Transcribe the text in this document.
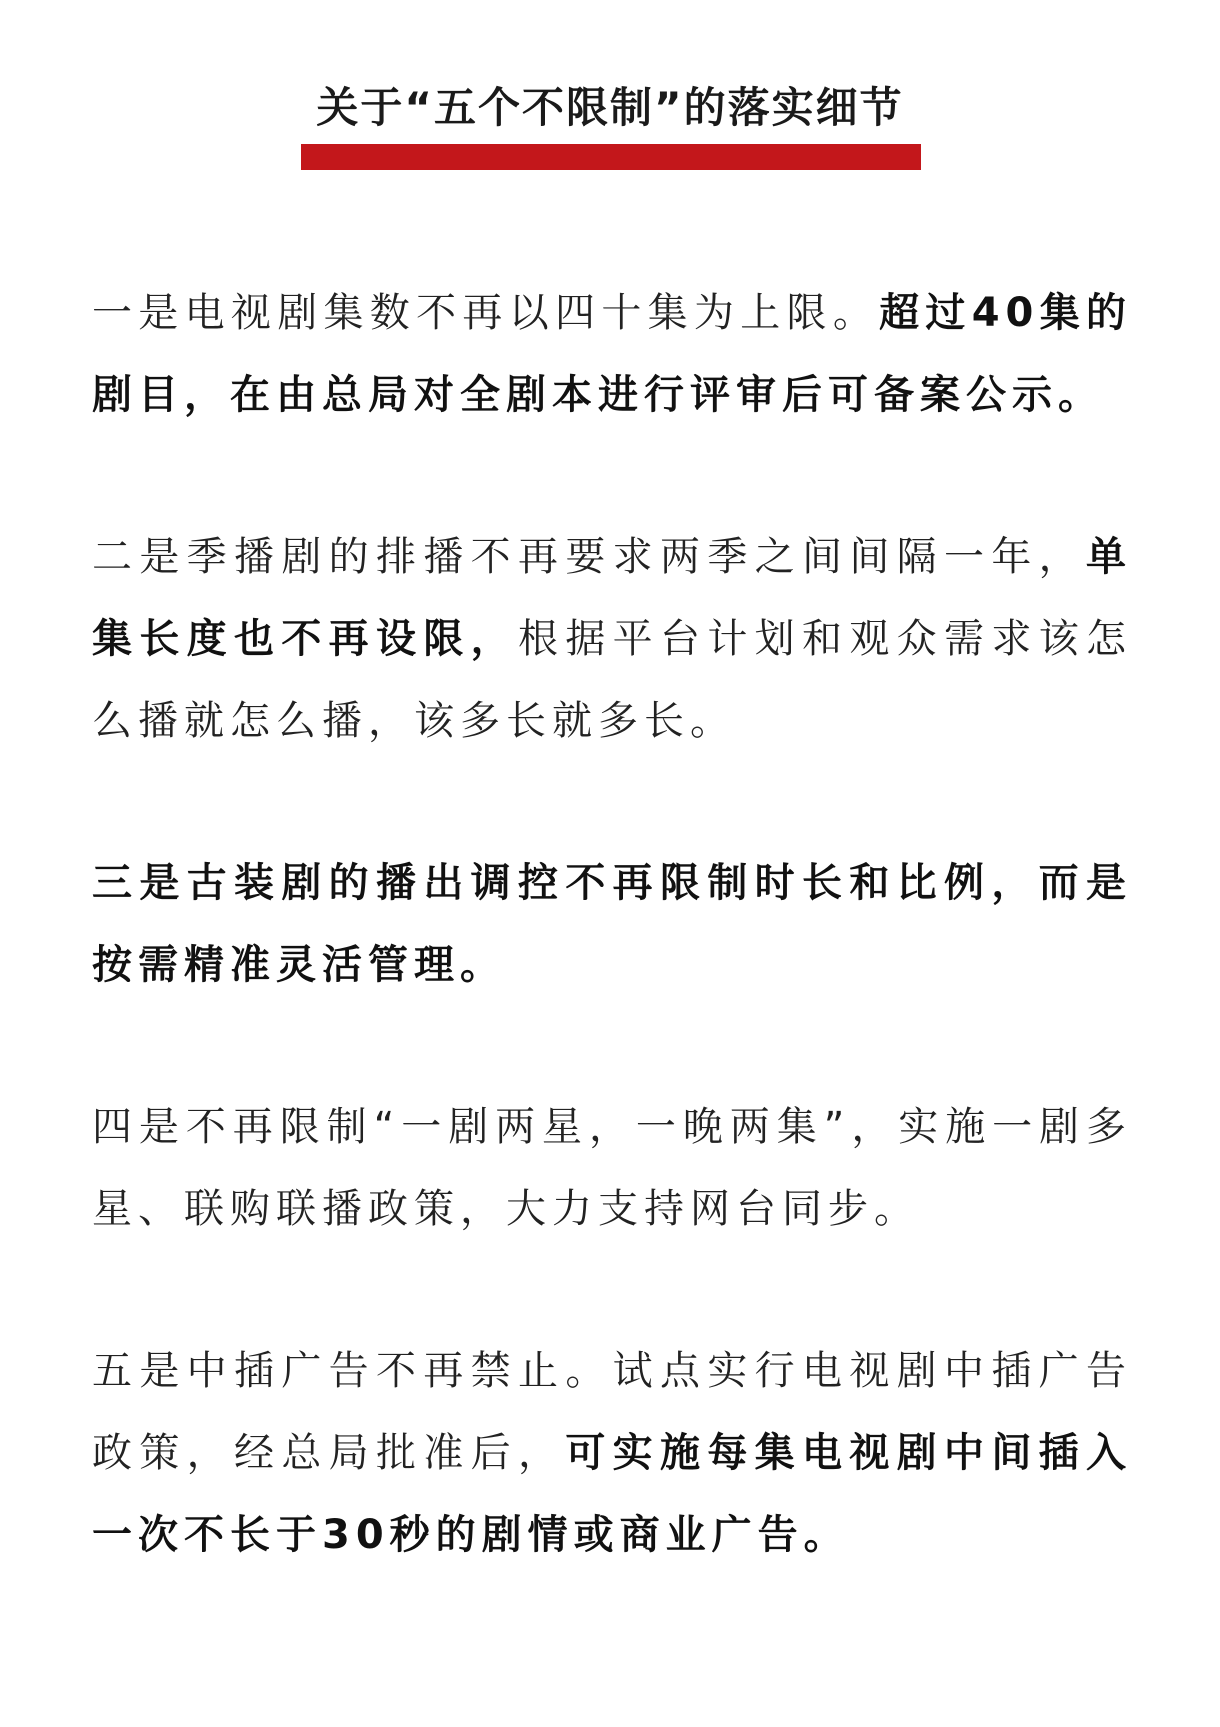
关于“五个不限制”的落实细节

一是电视剧集数不再以四十集为上限。超过40集的剧目，在由总局对全剧本进行评审后可备案公示。

二是季播剧的排播不再要求两季之间间隔一年，单集长度也不再设限，根据平台计划和观众需求该怎么播就怎么播，该多长就多长。

三是古装剧的播出调控不再限制时长和比例，而是按需精准灵活管理。

四是不再限制“一剧两星，一晚两集”，实施一剧多星、联购联播政策，大力支持网台同步。

五是中插广告不再禁止。试点实行电视剧中插广告政策，经总局批准后，可实施每集电视剧中间插入一次不长于30秒的剧情或商业广告。
